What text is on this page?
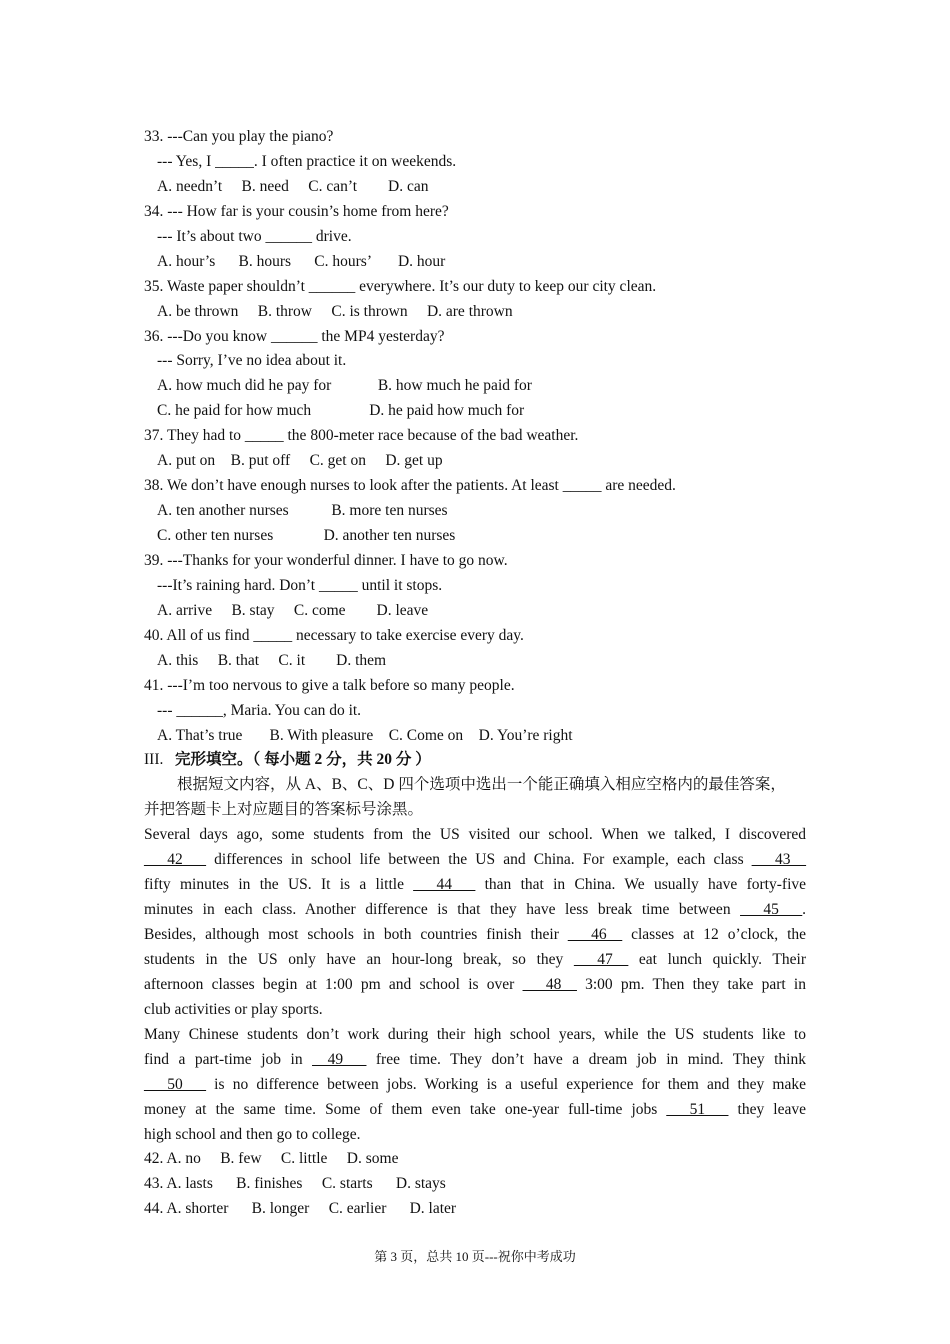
33. ---Can you play the piano?
--- Yes, I _____. I often practice it on weekends.
A. needn’t     B. need     C. can’t        D. can
34. --- How far is your cousin’s home from here?
--- It’s about two ______ drive.
A. hour’s      B. hours      C. hours’       D. hour
35. Waste paper shouldn’t ______ everywhere. It’s our duty to keep our city clean.
A. be thrown     B. throw     C. is thrown     D. are thrown
36. ---Do you know ______ the MP4 yesterday?
--- Sorry, I’ve no idea about it.
A. how much did he pay for            B. how much he paid for
C. he paid for how much               D. he paid how much for
37. They had to _____ the 800-meter race because of the bad weather.
A. put on    B. put off     C. get on     D. get up
38. We don’t have enough nurses to look after the patients. At least _____ are needed.
A. ten another nurses           B. more ten nurses
C. other ten nurses             D. another ten nurses
39. ---Thanks for your wonderful dinner. I have to go now.
---It’s raining hard. Don’t _____ until it stops.
A. arrive     B. stay     C. come        D. leave
40. All of us find _____ necessary to take exercise every day.
A. this     B. that     C. it        D. them
41. ---I’m too nervous to give a talk before so many people.
--- ______, Maria. You can do it.
A. That’s true       B. With pleasure    C. Come on    D. You’re right
III. 完形填空。（ 每小题 2 分，共 20 分 ）
根据短文内容，从 A、B、C、D 四个选项中选出一个能正确填入相应空格内的最佳答案，
并把答题卡上对应题目的答案标号涂黑。
Several days ago, some students from the US visited our school. When we talked, I discovered
___42___ differences in school life between the US and China. For example, each class ___43__
fifty minutes in the US. It is a little ___44___ than that in China. We usually have forty-five
minutes in each class. Another difference is that they have less break time between ___45___.
Besides, although most schools in both countries finish their ___46__ classes at 12 o’clock, the
students in the US only have an hour-long break, so they ___47__ eat lunch quickly. Their
afternoon classes begin at 1:00 pm and school is over ___48__ 3:00 pm. Then they take part in
club activities or play sports.
Many Chinese students don’t work during their high school years, while the US students like to
find a part-time job in __49___ free time. They don’t have a dream job in mind. They think
___50___ is no difference between jobs. Working is a useful experience for them and they make
money at the same time. Some of them even take one-year full-time jobs ___51___ they leave
high school and then go to college.
42. A. no     B. few     C. little     D. some
43. A. lasts      B. finishes     C. starts      D. stays
44. A. shorter      B. longer     C. earlier      D. later
第 3 页，总共 10 页---祝你中考成功
